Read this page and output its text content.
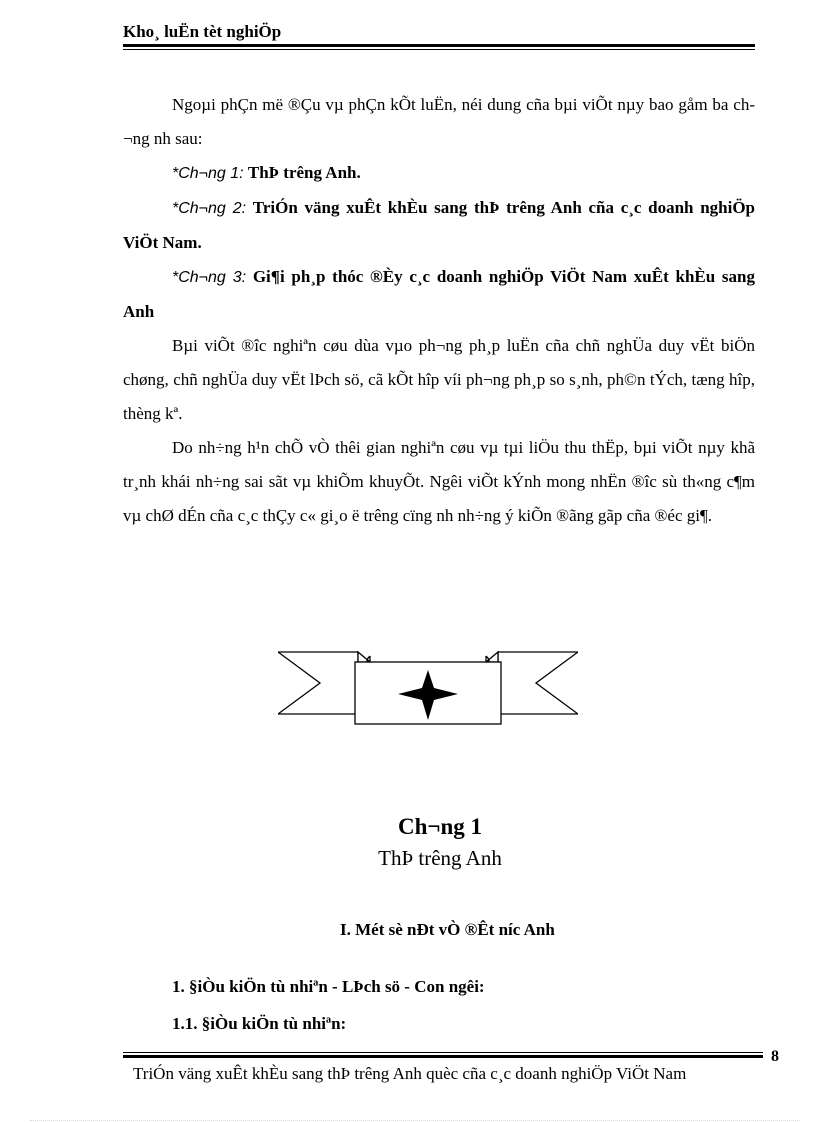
Kho¸ luËn tèt nghiÖp

Ngoµi phÇn më ®Çu vµ phÇn kÕt luËn, néi dung cña bµi viÕt nµy bao gåm ba ch¬ng nh sau:

*Ch¬ng 1: ThÞ trêng Anh.

*Ch¬ng 2: TriÓn väng xuÊt khÈu sang thÞ trêng Anh cña c¸c doanh nghiÖp ViÖt Nam.

*Ch¬ng 3: Gi¶i ph¸p thóc ®Èy c¸c doanh nghiÖp ViÖt Nam xuÊt khÈu sang Anh

Bµi viÕt ®îc nghiªn cøu dùa vµo ph¬ng ph¸p luËn cña chñ nghÜa duy vËt biÖn chøng, chñ nghÜa duy vËt lÞch sö, cã kÕt hîp víi ph¬ng ph¸p so s¸nh, ph©n tÝch, tæng hîp, thèng kª.

Do nh÷ng h¹n chÕ vÒ thêi gian nghiªn cøu vµ tµi liÖu thu thËp, bµi viÕt nµy khã tr¸nh khái nh÷ng sai sãt vµ khiÕm khuyÕt. Ngêi viÕt kÝnh mong nhËn ®îc sù th«ng c¶m vµ chØ dÉn cña c¸c thÇy c« gi¸o ë trêng cïng nh nh÷ng ý kiÕn ®ãng gãp cña ®éc gi¶.

Ch¬ng 1
ThÞ trêng Anh
I. Mét sè nÐt vÒ ®Êt níc Anh
1. §iÒu kiÖn tù nhiªn - LÞch sö - Con ngêi:
1.1. §iÒu kiÖn tù nhiªn:
8
TriÓn väng xuÊt khÈu sang thÞ trêng Anh quèc cña c¸c doanh nghiÖp ViÖt Nam
